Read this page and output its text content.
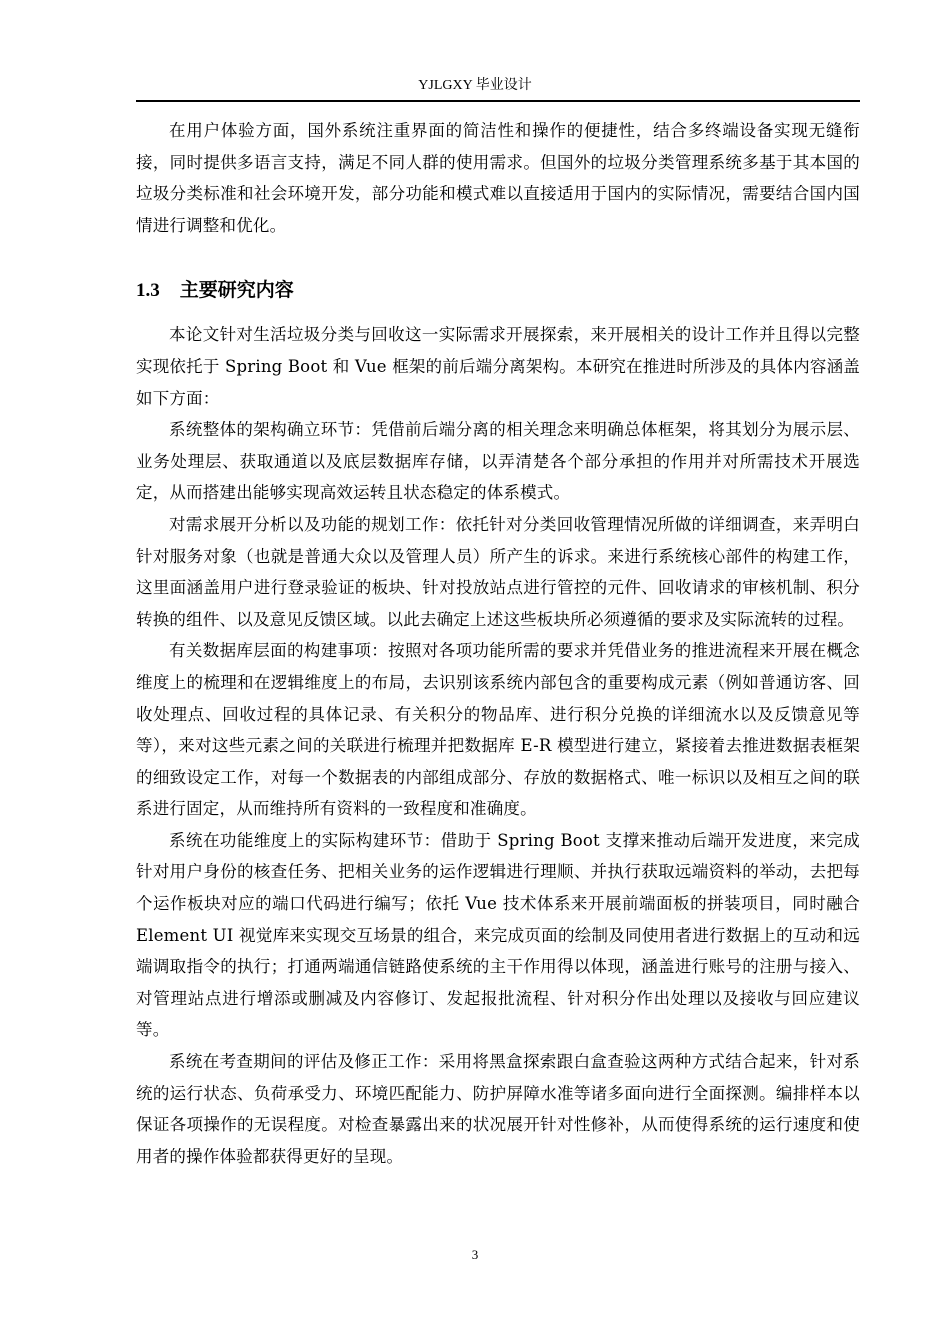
YJLGXY 毕业设计

在用户体验方面，国外系统注重界面的简洁性和操作的便捷性，结合多终端设备实现无缝衔接，同时提供多语言支持，满足不同人群的使用需求。但国外的垃圾分类管理系统多基于其本国的垃圾分类标准和社会环境开发，部分功能和模式难以直接适用于国内的实际情况，需要结合国内国情进行调整和优化。

1.3 主要研究内容

本论文针对生活垃圾分类与回收这一实际需求开展探索，来开展相关的设计工作并且得以完整实现依托于 Spring Boot 和 Vue 框架的前后端分离架构。本研究在推进时所涉及的具体内容涵盖如下方面：

系统整体的架构确立环节：凭借前后端分离的相关理念来明确总体框架，将其划分为展示层、业务处理层、获取通道以及底层数据库存储，以弄清楚各个部分承担的作用并对所需技术开展选定，从而搭建出能够实现高效运转且状态稳定的体系模式。

对需求展开分析以及功能的规划工作：依托针对分类回收管理情况所做的详细调查，来弄明白针对服务对象（也就是普通大众以及管理人员）所产生的诉求。来进行系统核心部件的构建工作，这里面涵盖用户进行登录验证的板块、针对投放站点进行管控的元件、回收请求的审核机制、积分转换的组件、以及意见反馈区域。以此去确定上述这些板块所必须遵循的要求及实际流转的过程。

有关数据库层面的构建事项：按照对各项功能所需的要求并凭借业务的推进流程来开展在概念维度上的梳理和在逻辑维度上的布局，去识别该系统内部包含的重要构成元素（例如普通访客、回收处理点、回收过程的具体记录、有关积分的物品库、进行积分兑换的详细流水以及反馈意见等等），来对这些元素之间的关联进行梳理并把数据库 E-R 模型进行建立，紧接着去推进数据表框架的细致设定工作，对每一个数据表的内部组成部分、存放的数据格式、唯一标识以及相互之间的联系进行固定，从而维持所有资料的一致程度和准确度。

系统在功能维度上的实际构建环节：借助于 Spring Boot 支撑来推动后端开发进度，来完成针对用户身份的核查任务、把相关业务的运作逻辑进行理顺、并执行获取远端资料的举动，去把每个运作板块对应的端口代码进行编写；依托 Vue 技术体系来开展前端面板的拼装项目，同时融合 Element UI 视觉库来实现交互场景的组合，来完成页面的绘制及同使用者进行数据上的互动和远端调取指令的执行；打通两端通信链路使系统的主干作用得以体现，涵盖进行账号的注册与接入、对管理站点进行增添或删减及内容修订、发起报批流程、针对积分作出处理以及接收与回应建议等。

系统在考查期间的评估及修正工作：采用将黑盒探索跟白盒查验这两种方式结合起来，针对系统的运行状态、负荷承受力、环境匹配能力、防护屏障水准等诸多面向进行全面探测。编排样本以保证各项操作的无误程度。对检查暴露出来的状况展开针对性修补，从而使得系统的运行速度和使用者的操作体验都获得更好的呈现。

3
